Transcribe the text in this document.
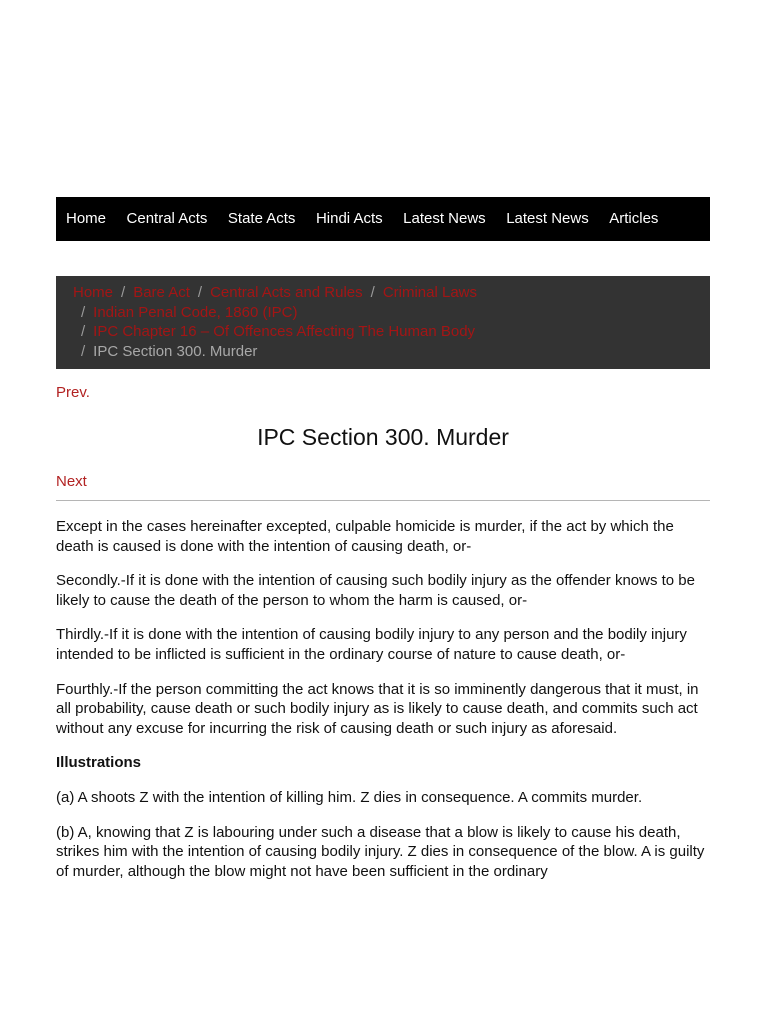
Home Central Acts State Acts Hindi Acts Latest News Latest News Articles
Home / Bare Act / Central Acts and Rules / Criminal Laws
/ Indian Penal Code, 1860 (IPC)
/ IPC Chapter 16 – Of Offences Affecting The Human Body
/ IPC Section 300. Murder
Prev.
IPC Section 300. Murder
Next

Except in the cases hereinafter excepted, culpable homicide is murder, if the act by which the death is caused is done with the intention of causing death, or-

Secondly.-If it is done with the intention of causing such bodily injury as the offender knows to be likely to cause the death of the person to whom the harm is caused, or-

Thirdly.-If it is done with the intention of causing bodily injury to any person and the bodily injury intended to be inflicted is sufficient in the ordinary course of nature to cause death, or-

Fourthly.-If the person committing the act knows that it is so imminently dangerous that it must, in all probability, cause death or such bodily injury as is likely to cause death, and commits such act without any excuse for incurring the risk of causing death or such injury as aforesaid.

Illustrations

(a) A shoots Z with the intention of killing him. Z dies in consequence. A commits murder.

(b) A, knowing that Z is labouring under such a disease that a blow is likely to cause his death, strikes him with the intention of causing bodily injury. Z dies in consequence of the blow. A is guilty of murder, although the blow might not have been sufficient in the ordinary
